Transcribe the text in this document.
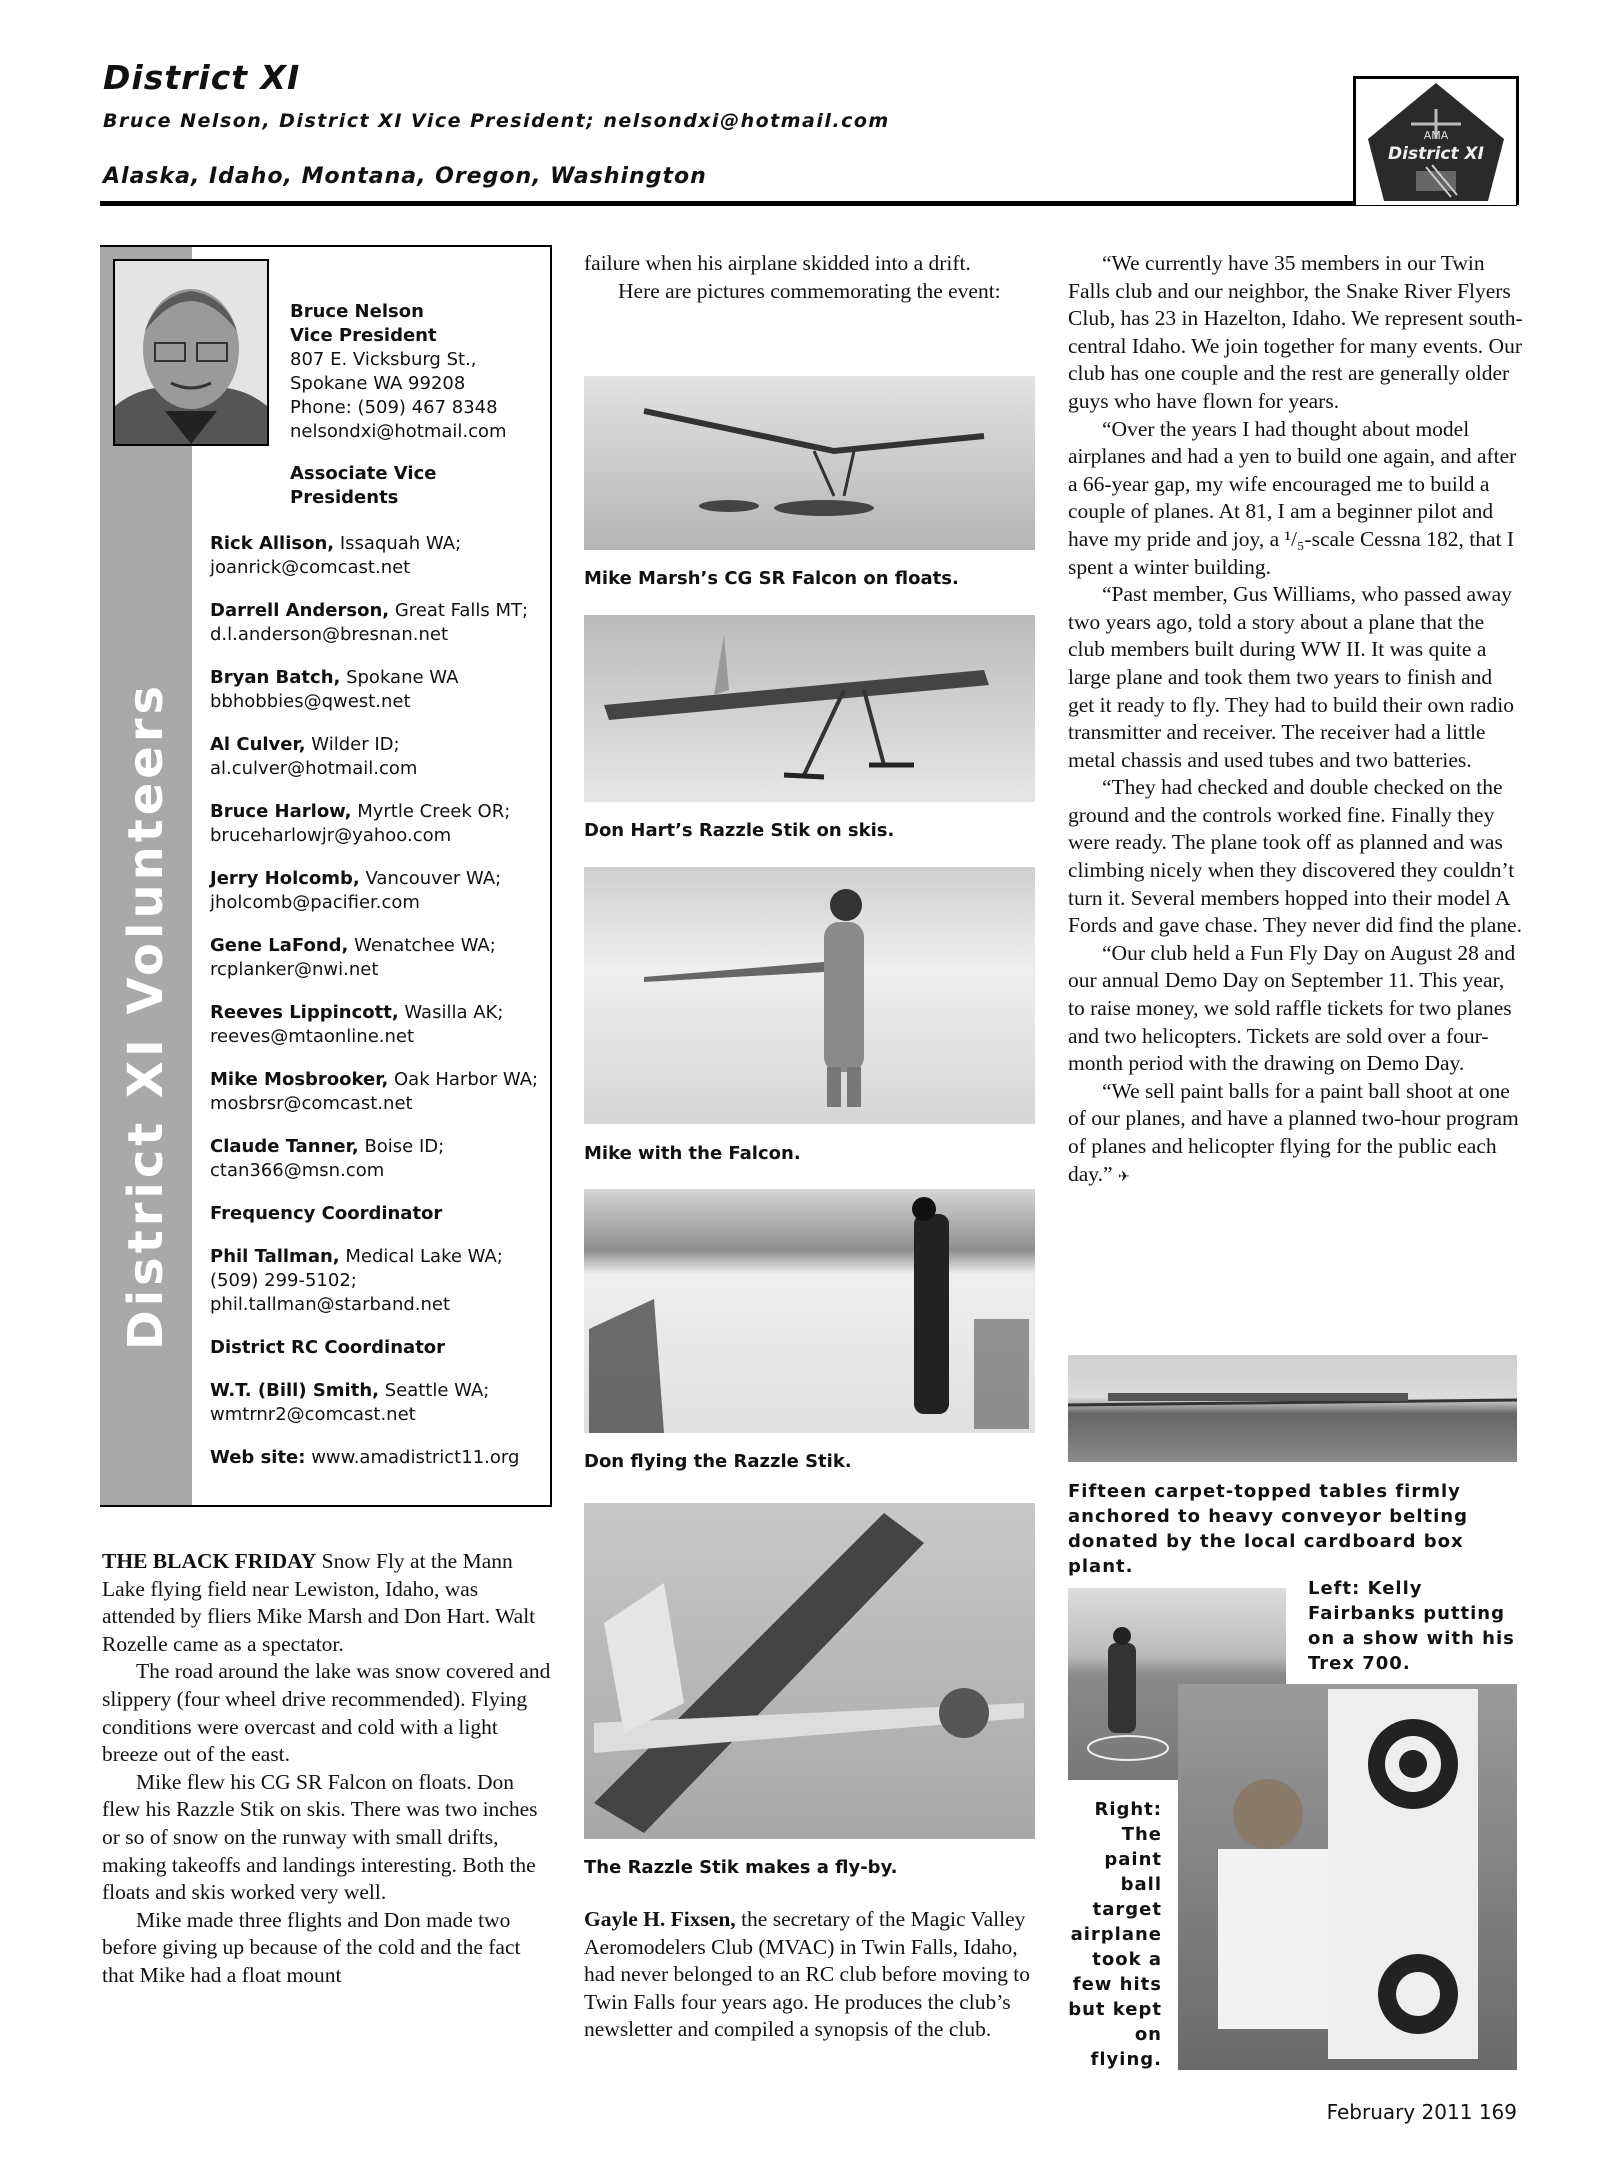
District XI
Bruce Nelson, District XI Vice President; nelsondxi@hotmail.com
Alaska, Idaho, Montana, Oregon, Washington
AMA
District XI
District XI Volunteers
Bruce Nelson
Vice President
807 E. Vicksburg St.,
Spokane WA 99208
Phone: (509) 467 8348
nelsondxi@hotmail.com
Associate Vice Presidents
Rick Allison, Issaquah WA; joanrick@comcast.net
Darrell Anderson, Great Falls MT; d.l.anderson@bresnan.net
Bryan Batch, Spokane WA bbhobbies@qwest.net
Al Culver, Wilder ID; al.culver@hotmail.com
Bruce Harlow, Myrtle Creek OR; bruceharlowjr@yahoo.com
Jerry Holcomb, Vancouver WA; jholcomb@pacifier.com
Gene LaFond, Wenatchee WA; rcplanker@nwi.net
Reeves Lippincott, Wasilla AK; reeves@mtaonline.net
Mike Mosbrooker, Oak Harbor WA; mosbrsr@comcast.net
Claude Tanner, Boise ID; ctan366@msn.com
Frequency Coordinator
Phil Tallman, Medical Lake WA; (509) 299-5102; phil.tallman@starband.net
District RC Coordinator
W.T. (Bill) Smith, Seattle WA; wmtrnr2@comcast.net
Web site: www.amadistrict11.org

THE BLACK FRIDAY Snow Fly at the Mann Lake flying field near Lewiston, Idaho, was attended by fliers Mike Marsh and Don Hart. Walt Rozelle came as a spectator.

The road around the lake was snow covered and slippery (four wheel drive recommended). Flying conditions were overcast and cold with a light breeze out of the east.

Mike flew his CG SR Falcon on floats. Don flew his Razzle Stik on skis. There was two inches or so of snow on the runway with small drifts, making takeoffs and landings interesting. Both the floats and skis worked very well.

Mike made three flights and Don made two before giving up because of the cold and the fact that Mike had a float mount

failure when his airplane skidded into a drift.

Here are pictures commemorating the event:

Mike Marsh’s CG SR Falcon on floats.
Don Hart’s Razzle Stik on skis.
Mike with the Falcon.
Don flying the Razzle Stik.
The Razzle Stik makes a fly-by.

Gayle H. Fixsen, the secretary of the Magic Valley Aeromodelers Club (MVAC) in Twin Falls, Idaho, had never belonged to an RC club before moving to Twin Falls four years ago. He produces the club’s newsletter and compiled a synopsis of the club.

“We currently have 35 members in our Twin Falls club and our neighbor, the Snake River Flyers Club, has 23 in Hazelton, Idaho. We represent south-central Idaho. We join together for many events. Our club has one couple and the rest are generally older guys who have flown for years.

“Over the years I had thought about model airplanes and had a yen to build one again, and after a 66-year gap, my wife encouraged me to build a couple of planes. At 81, I am a beginner pilot and have my pride and joy, a ¹/₅-scale Cessna 182, that I spent a winter building.

“Past member, Gus Williams, who passed away two years ago, told a story about a plane that the club members built during WW II. It was quite a large plane and took them two years to finish and get it ready to fly. They had to build their own radio transmitter and receiver. The receiver had a little metal chassis and used tubes and two batteries.

“They had checked and double checked on the ground and the controls worked fine. Finally they were ready. The plane took off as planned and was climbing nicely when they discovered they couldn’t turn it. Several members hopped into their model A Fords and gave chase. They never did find the plane.

“Our club held a Fun Fly Day on August 28 and our annual Demo Day on September 11. This year, to raise money, we sold raffle tickets for two planes and two helicopters. Tickets are sold over a four-month period with the drawing on Demo Day.

“We sell paint balls for a paint ball shoot at one of our planes, and have a planned two-hour program of planes and helicopter flying for the public each day.” ✈

Fifteen carpet-topped tables firmly anchored to heavy conveyor belting donated by the local cardboard box plant.
Left: Kelly Fairbanks putting on a show with his Trex 700.
Right: The paint ball target airplane took a few hits but kept on flying.
February 2011 169
